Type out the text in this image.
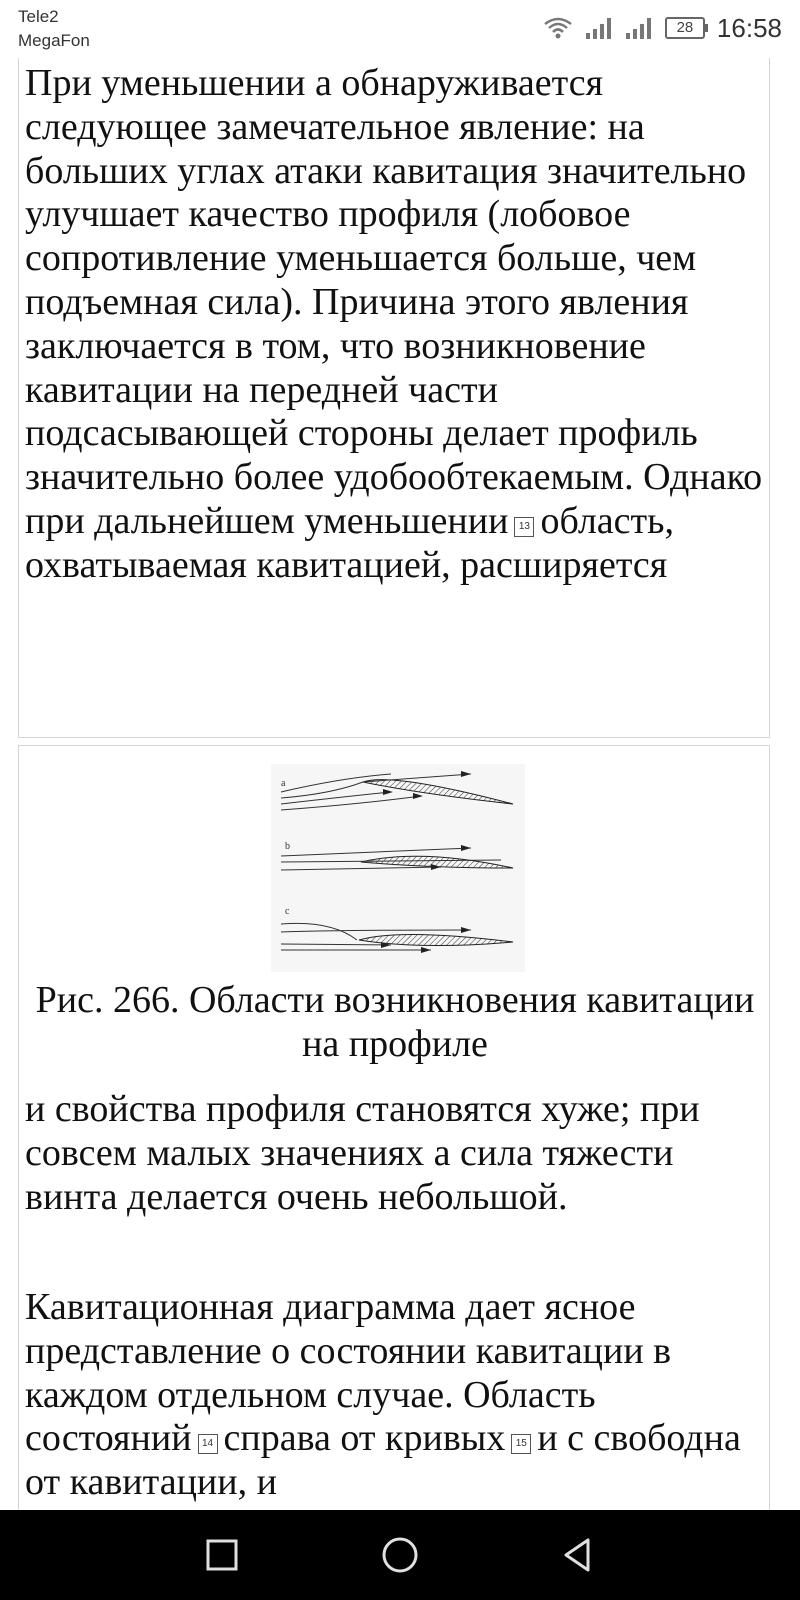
Tele2
MegaFon
28 16:58

При уменьшении а обнаруживается следующее замечательное явление: на больших углах атаки кавитация значительно улучшает качество профиля (лобовое сопротивление уменьшается больше, чем подъемная сила). Причина этого явления заключается в том, что возникновение кавитации на передней части подсасывающей стороны делает профиль значительно более удобообтекаемым. Однако при дальнейшем уменьшении 13 область, охватываемая кавитацией, расширяется

a
b
c
Рис. 266. Области возникновения кавитации на профиле

и свойства профиля становятся хуже; при совсем малых значениях а сила тяжести винта делается очень небольшой.

Кавитационная диаграмма дает ясное представление о состоянии кавитации в каждом отдельном случае. Область состояний 14 справа от кривых 15 и с свободна от кавитации, и
